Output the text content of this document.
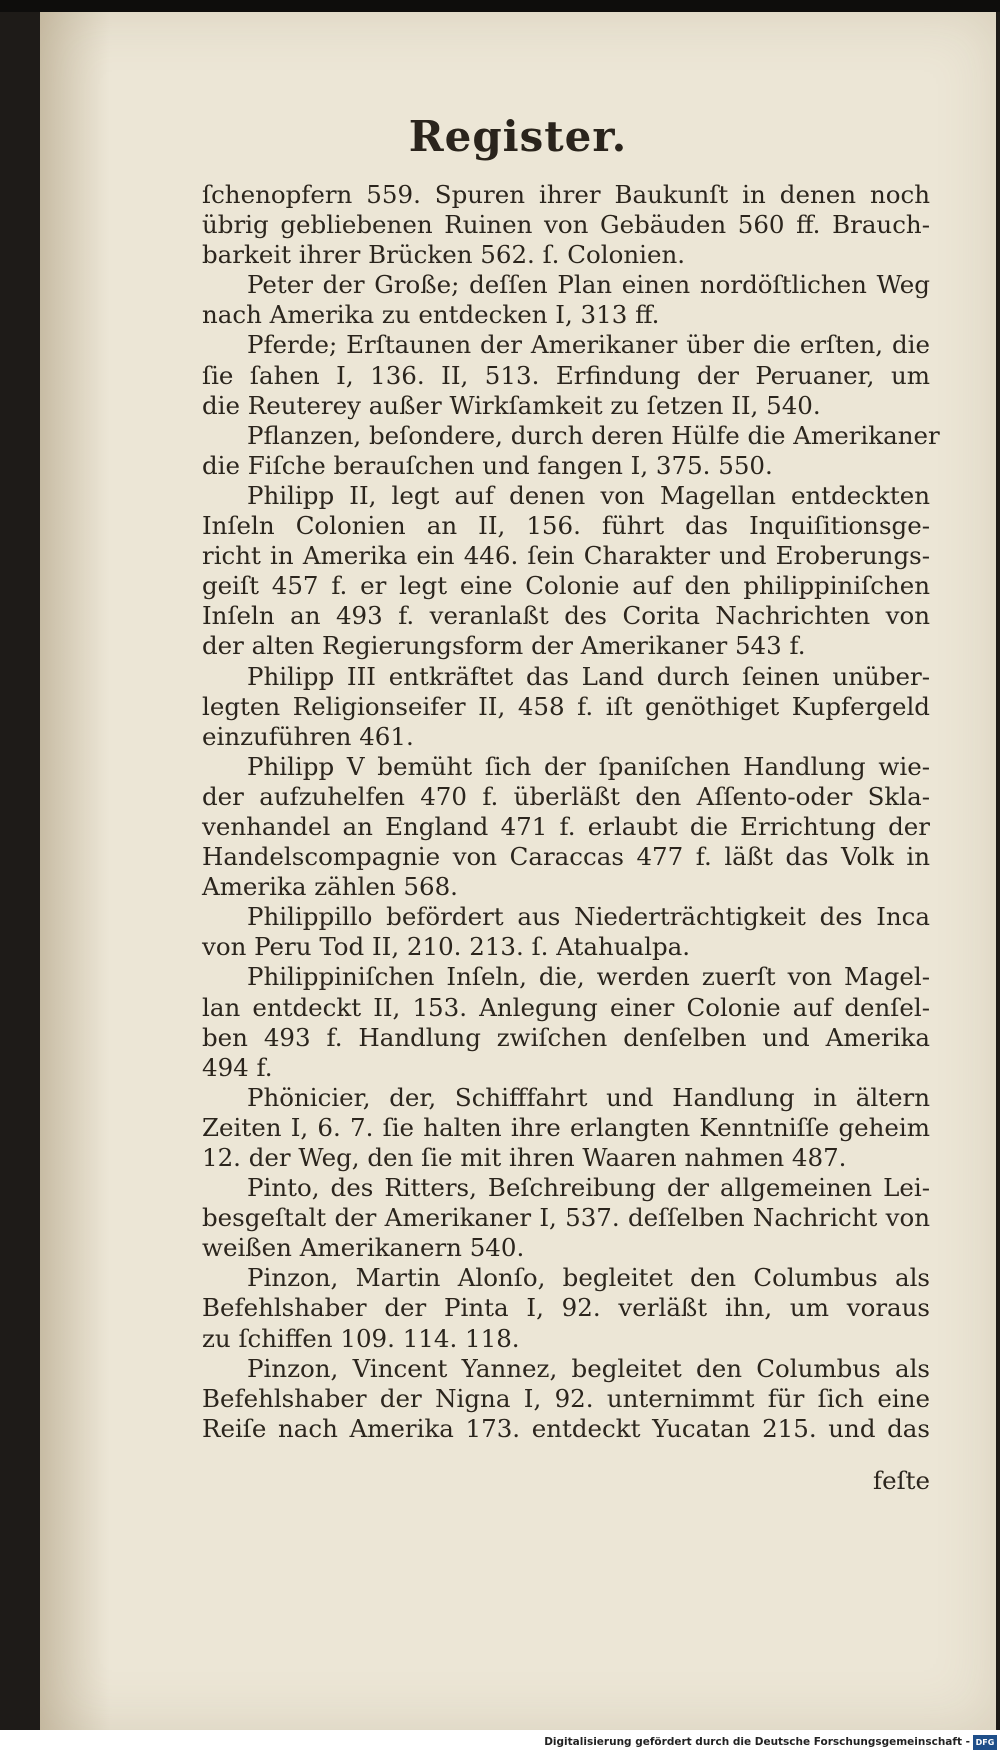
Register.
ſchenopfern 559. Spuren ihrer Baukunſt in denen noch
übrig gebliebenen Ruinen von Gebäuden 560 ff. Brauch-
barkeit ihrer Brücken 562. ſ. Colonien.
Peter der Große; deſſen Plan einen nordöſtlichen Weg
nach Amerika zu entdecken I, 313 ff.
Pferde; Erſtaunen der Amerikaner über die erſten, die
ſie ſahen I, 136. II, 513. Erfindung der Peruaner, um
die Reuterey außer Wirkſamkeit zu ſetzen II, 540.
Pflanzen, beſondere, durch deren Hülfe die Amerikaner
die Fiſche berauſchen und fangen I, 375. 550.
Philipp II, legt auf denen von Magellan entdeckten
Inſeln Colonien an II, 156. führt das Inquiſitionsge-
richt in Amerika ein 446. ſein Charakter und Eroberungs-
geiſt 457 f. er legt eine Colonie auf den philippiniſchen
Inſeln an 493 f. veranlaßt des Corita Nachrichten von
der alten Regierungsform der Amerikaner 543 f.
Philipp III entkräftet das Land durch ſeinen unüber-
legten Religionseifer II, 458 f. iſt genöthiget Kupfergeld
einzuführen 461.
Philipp V bemüht ſich der ſpaniſchen Handlung wie-
der aufzuhelfen 470 f. überläßt den Aſſento-oder Skla-
venhandel an England 471 f. erlaubt die Errichtung der
Handelscompagnie von Caraccas 477 f. läßt das Volk in
Amerika zählen 568.
Philippillo befördert aus Niederträchtigkeit des Inca
von Peru Tod II, 210. 213. ſ. Atahualpa.
Philippiniſchen Inſeln, die, werden zuerſt von Magel-
lan entdeckt II, 153. Anlegung einer Colonie auf denſel-
ben 493 f. Handlung zwiſchen denſelben und Amerika
494 f.
Phönicier, der, Schifffahrt und Handlung in ältern
Zeiten I, 6. 7. ſie halten ihre erlangten Kenntniſſe geheim
12. der Weg, den ſie mit ihren Waaren nahmen 487.
Pinto, des Ritters, Beſchreibung der allgemeinen Lei-
besgeſtalt der Amerikaner I, 537. deſſelben Nachricht von
weißen Amerikanern 540.
Pinzon, Martin Alonſo, begleitet den Columbus als
Befehlshaber der Pinta I, 92. verläßt ihn, um voraus
zu ſchiffen 109. 114. 118.
Pinzon, Vincent Yannez, begleitet den Columbus als
Befehlshaber der Nigna I, 92. unternimmt für ſich eine
Reiſe nach Amerika 173. entdeckt Yucatan 215. und das
feſte
Digitalisierung gefördert durch die Deutsche Forschungsgemeinschaft - DFG
